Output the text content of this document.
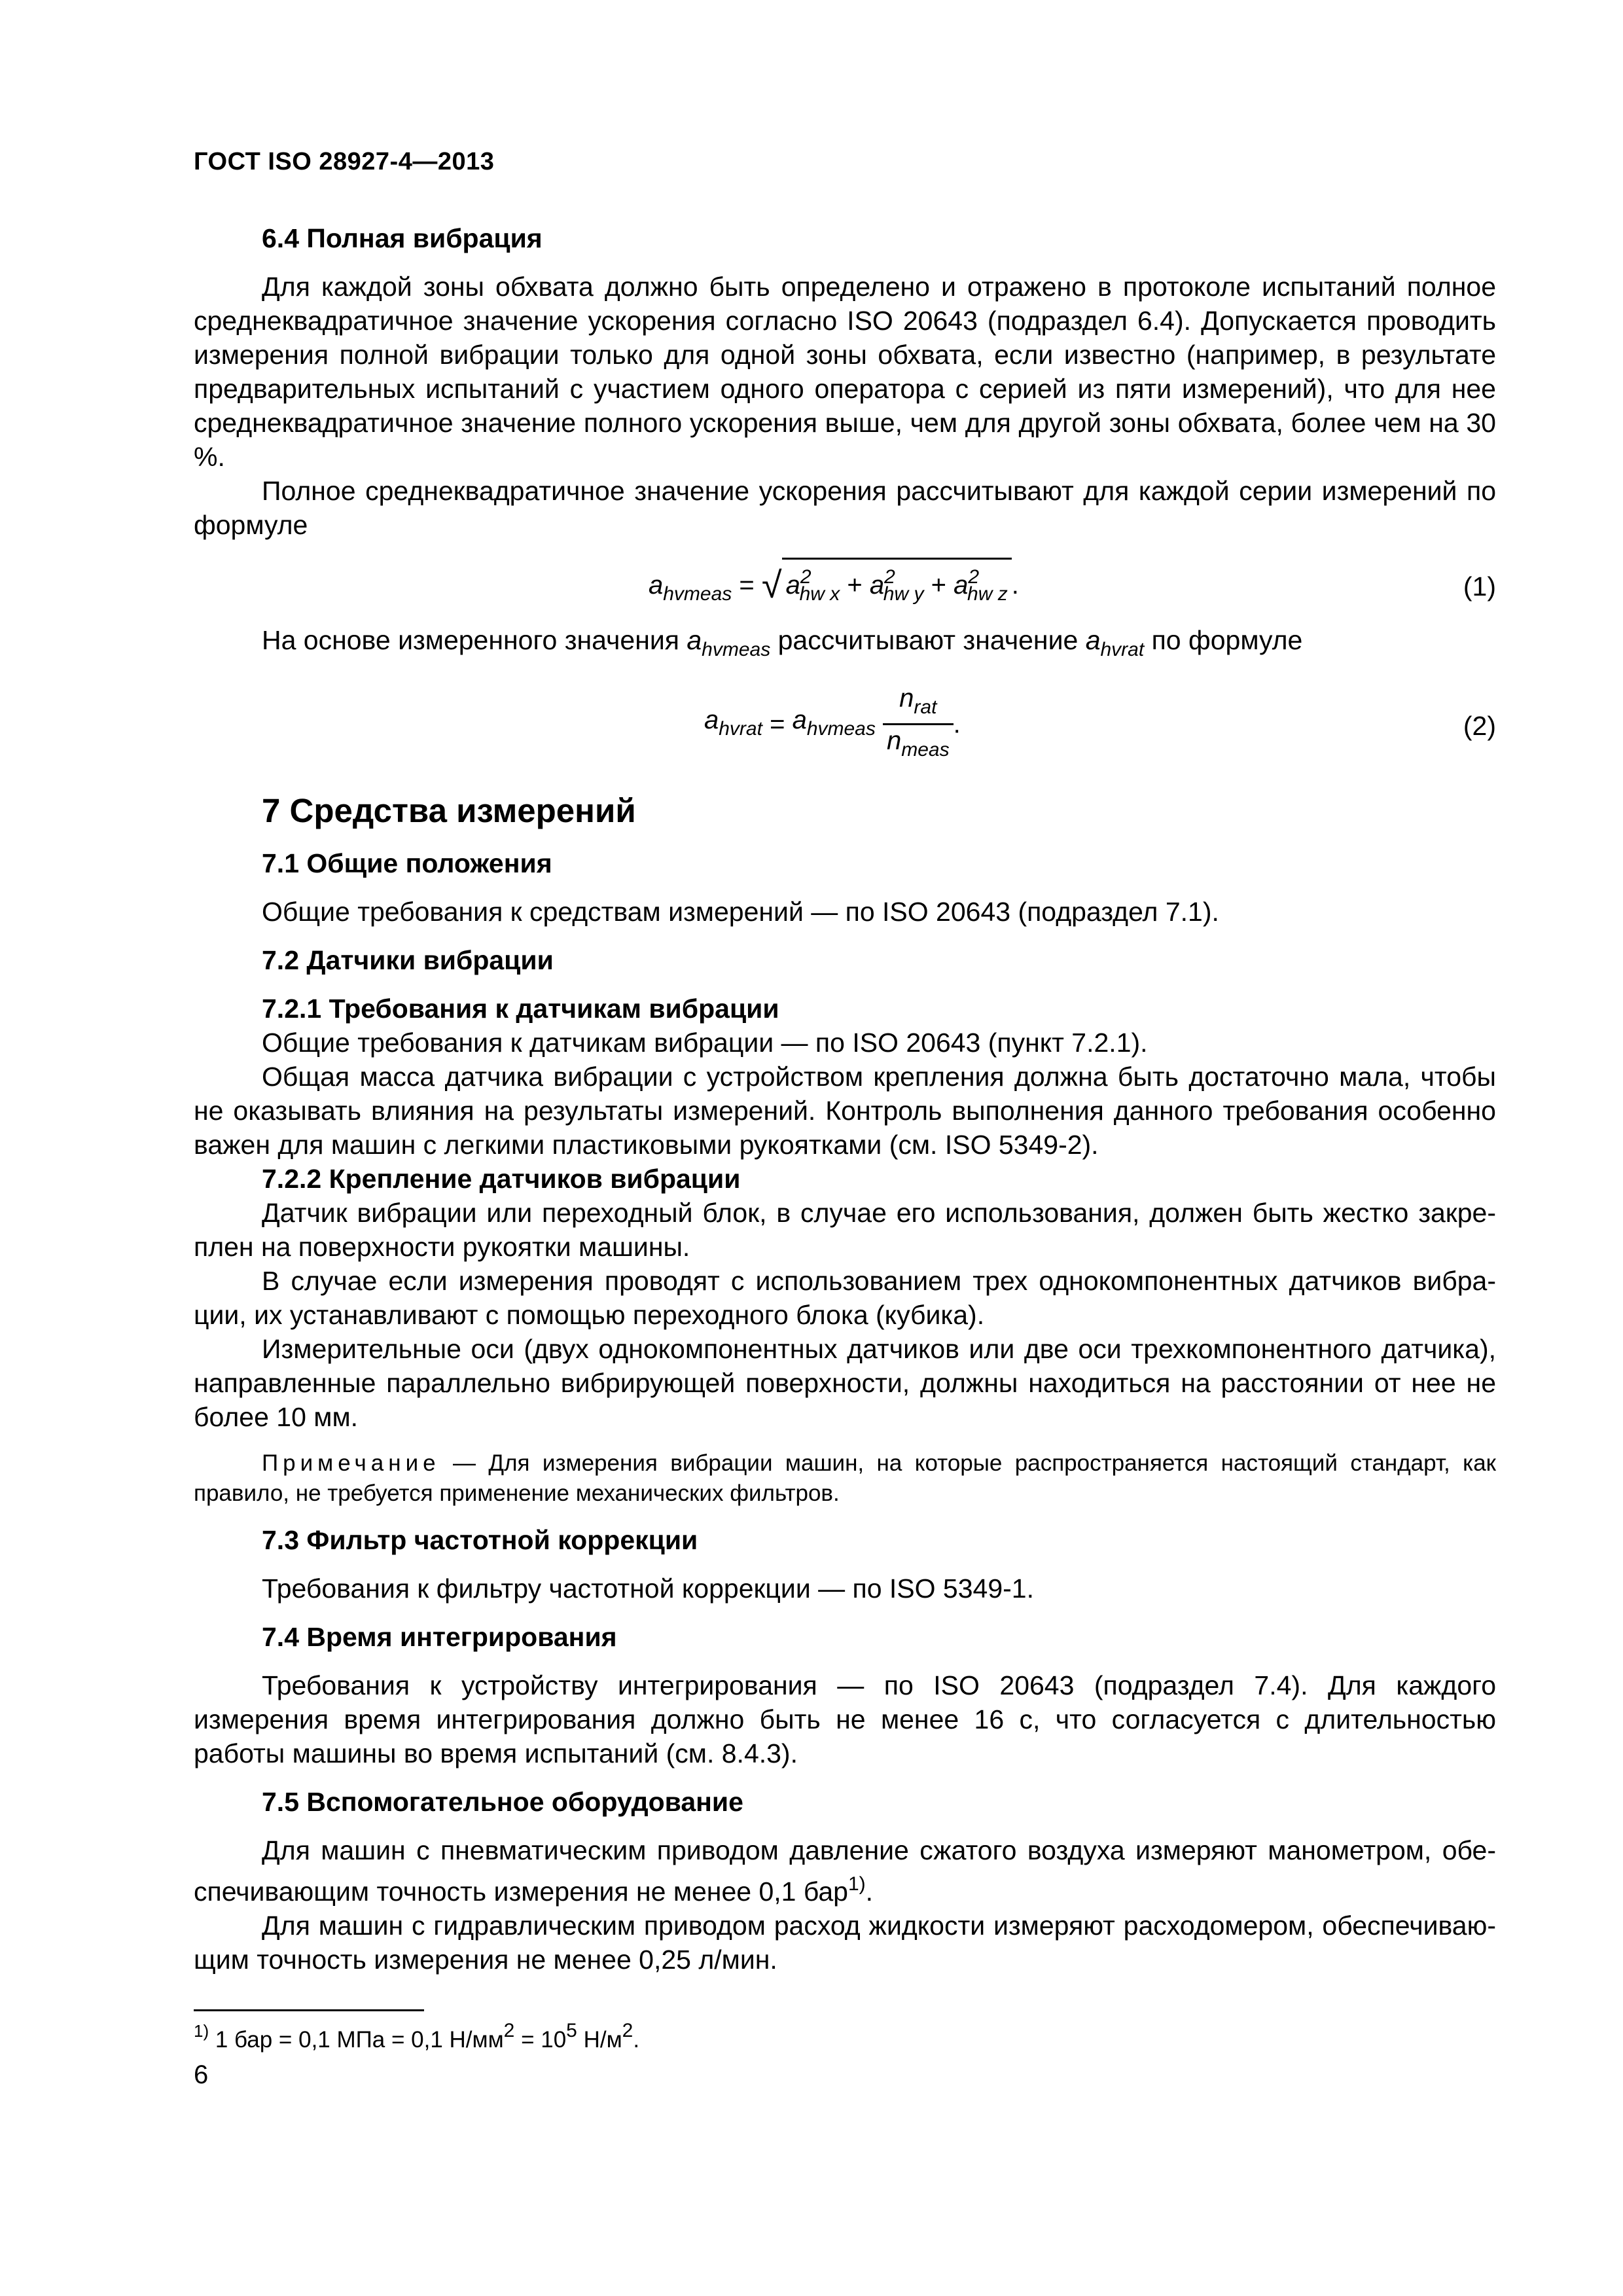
ГОСТ ISO 28927-4—2013

6.4 Полная вибрация

Для каждой зоны обхвата должно быть определено и отражено в протоколе испытаний полное среднеквадратичное значение ускорения согласно ISO 20643 (подраздел 6.4). Допускается проводить измерения полной вибрации только для одной зоны обхвата, если известно (например, в результате предварительных испытаний с участием одного оператора с серией из пяти измерений), что для нее среднеквадратичное значение полного ускорения выше, чем для другой зоны обхвата, более чем на 30 %.

Полное среднеквадратичное значение ускорения рассчитывают для каждой серии измерений по формуле

$a_{hvmeas}$ = √ $a^2_{hw x} + a^2_{hw y} + a^2_{hw z}$ .	(1)

На основе измеренного значения $a_{hvmeas}$ рассчитывают значение $a_{hvrat}$ по формуле

$a_{hvrat} = a_{hvmeas} \frac{n_{rat}}{n_{meas}}$ .	(2)

7 Средства измерений

7.1 Общие положения

Общие требования к средствам измерений — по ISO 20643 (подраздел 7.1).

7.2 Датчики вибрации

7.2.1 Требования к датчикам вибрации

Общие требования к датчикам вибрации — по ISO 20643 (пункт 7.2.1).

Общая масса датчика вибрации с устройством крепления должна быть достаточно мала, чтобы не оказывать влияния на результаты измерений. Контроль выполнения данного требования особенно важен для машин с легкими пластиковыми рукоятками (см. ISO 5349-2).

7.2.2 Крепление датчиков вибрации

Датчик вибрации или переходный блок, в случае его использования, должен быть жестко закреплен на поверхности рукоятки машины.

В случае если измерения проводят с использованием трех однокомпонентных датчиков вибрации, их устанавливают с помощью переходного блока (кубика).

Измерительные оси (двух однокомпонентных датчиков или две оси трехкомпонентного датчика), направленные параллельно вибрирующей поверхности, должны находиться на расстоянии от нее не более 10 мм.

Примечание — Для измерения вибрации машин, на которые распространяется настоящий стандарт, как правило, не требуется применение механических фильтров.

7.3 Фильтр частотной коррекции

Требования к фильтру частотной коррекции — по ISO 5349-1.

7.4 Время интегрирования

Требования к устройству интегрирования — по ISO 20643 (подраздел 7.4). Для каждого измерения время интегрирования должно быть не менее 16 с, что согласуется с длительностью работы машины во время испытаний (см. 8.4.3).

7.5 Вспомогательное оборудование

Для машин с пневматическим приводом давление сжатого воздуха измеряют манометром, обеспечивающим точность измерения не менее 0,1 бар$^{1)}$.

Для машин с гидравлическим приводом расход жидкости измеряют расходомером, обеспечивающим точность измерения не менее 0,25 л/мин.

$^{1)}$ 1 бар = 0,1 МПа = 0,1 Н/мм2 = 105 Н/м2.
6
